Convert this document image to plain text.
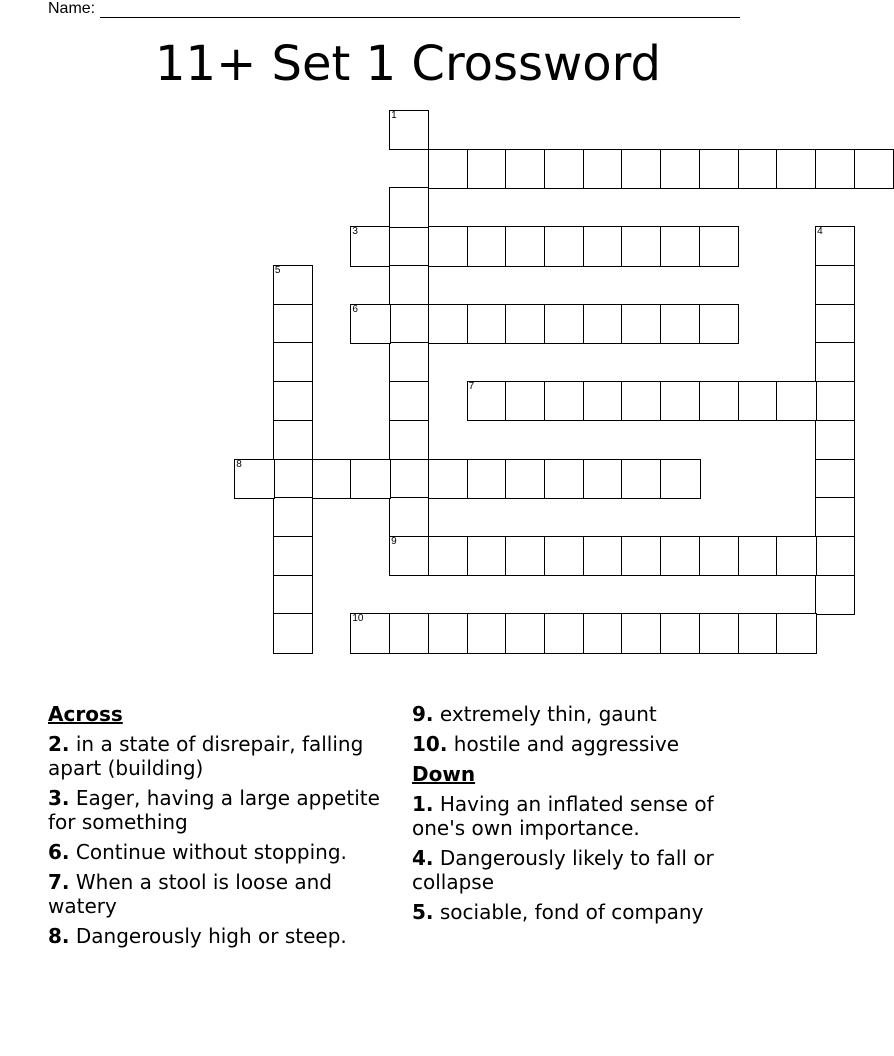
Name:
11+ Set 1 Crossword
1
3
9
4
5
6
7
8
10
Across
2. in a state of disrepair, falling apart (building)
3. Eager, having a large appetite for something
6. Continue without stopping.
7. When a stool is loose and watery
8. Dangerously high or steep.
9. extremely thin, gaunt
10. hostile and aggressive
Down
1. Having an inflated sense of one's own importance.
4. Dangerously likely to fall or collapse
5. sociable, fond of company
